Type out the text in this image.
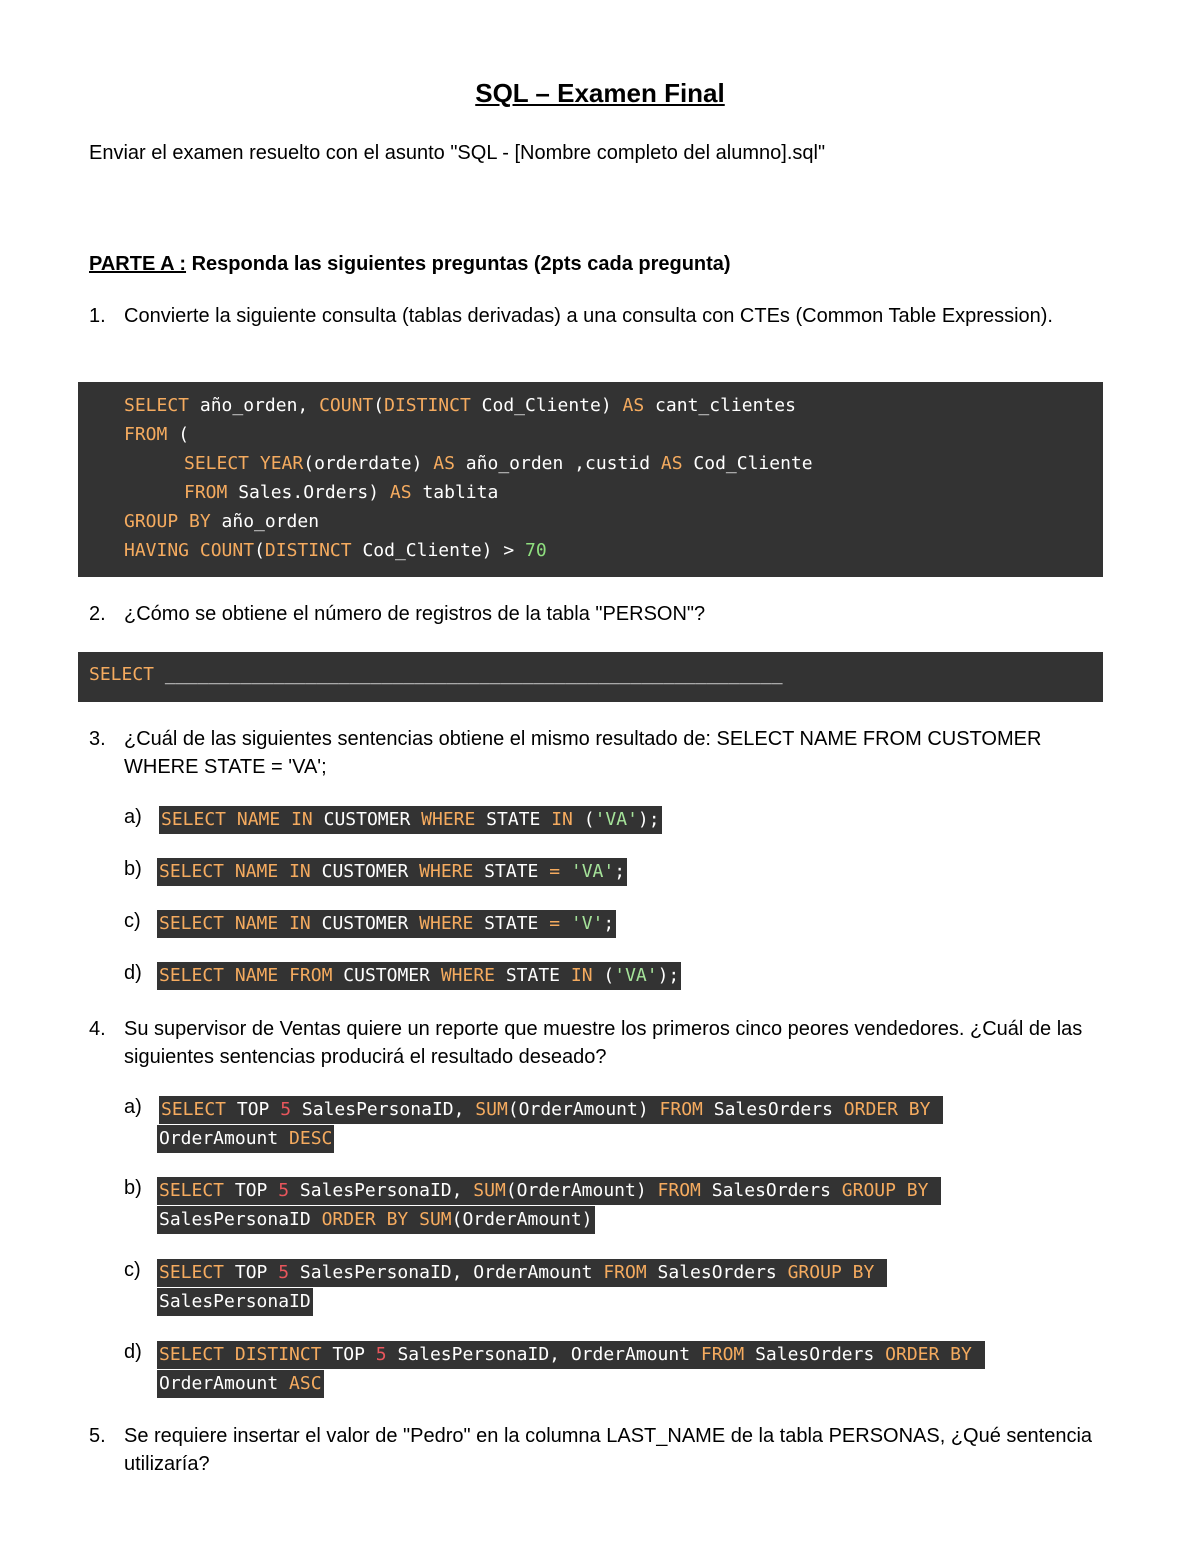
SQL – Examen Final
Enviar el examen resuelto con el asunto "SQL - [Nombre completo del alumno].sql"
PARTE A : Responda las siguientes preguntas (2pts cada pregunta)
1. Convierte la siguiente consulta (tablas derivadas) a una consulta con CTEs (Common Table Expression).
SELECT año_orden, COUNT(DISTINCT Cod_Cliente) AS cant_clientes
FROM (
SELECT YEAR(orderdate) AS año_orden ,custid AS Cod_Cliente
FROM Sales.Orders) AS tablita
GROUP BY año_orden
HAVING COUNT(DISTINCT Cod_Cliente) > 70
2. ¿Cómo se obtiene el número de registros de la tabla "PERSON"?
SELECT _________________________________________________________
3. ¿Cuál de las siguientes sentencias obtiene el mismo resultado de: SELECT NAME FROM CUSTOMER WHERE STATE = 'VA';
a) SELECT NAME IN CUSTOMER WHERE STATE IN ('VA');
b) SELECT NAME IN CUSTOMER WHERE STATE = 'VA';
c) SELECT NAME IN CUSTOMER WHERE STATE = 'V';
d) SELECT NAME FROM CUSTOMER WHERE STATE IN ('VA');
4. Su supervisor de Ventas quiere un reporte que muestre los primeros cinco peores vendedores. ¿Cuál de las siguientes sentencias producirá el resultado deseado?
a) SELECT TOP 5 SalesPersonaID, SUM(OrderAmount) FROM SalesOrders ORDER BY
OrderAmount DESC
b) SELECT TOP 5 SalesPersonaID, SUM(OrderAmount) FROM SalesOrders GROUP BY
SalesPersonaID ORDER BY SUM(OrderAmount)
c) SELECT TOP 5 SalesPersonaID, OrderAmount FROM SalesOrders GROUP BY
SalesPersonaID
d) SELECT DISTINCT TOP 5 SalesPersonaID, OrderAmount FROM SalesOrders ORDER BY
OrderAmount ASC
5. Se requiere insertar el valor de "Pedro" en la columna LAST_NAME de la tabla PERSONAS, ¿Qué sentencia utilizaría?
